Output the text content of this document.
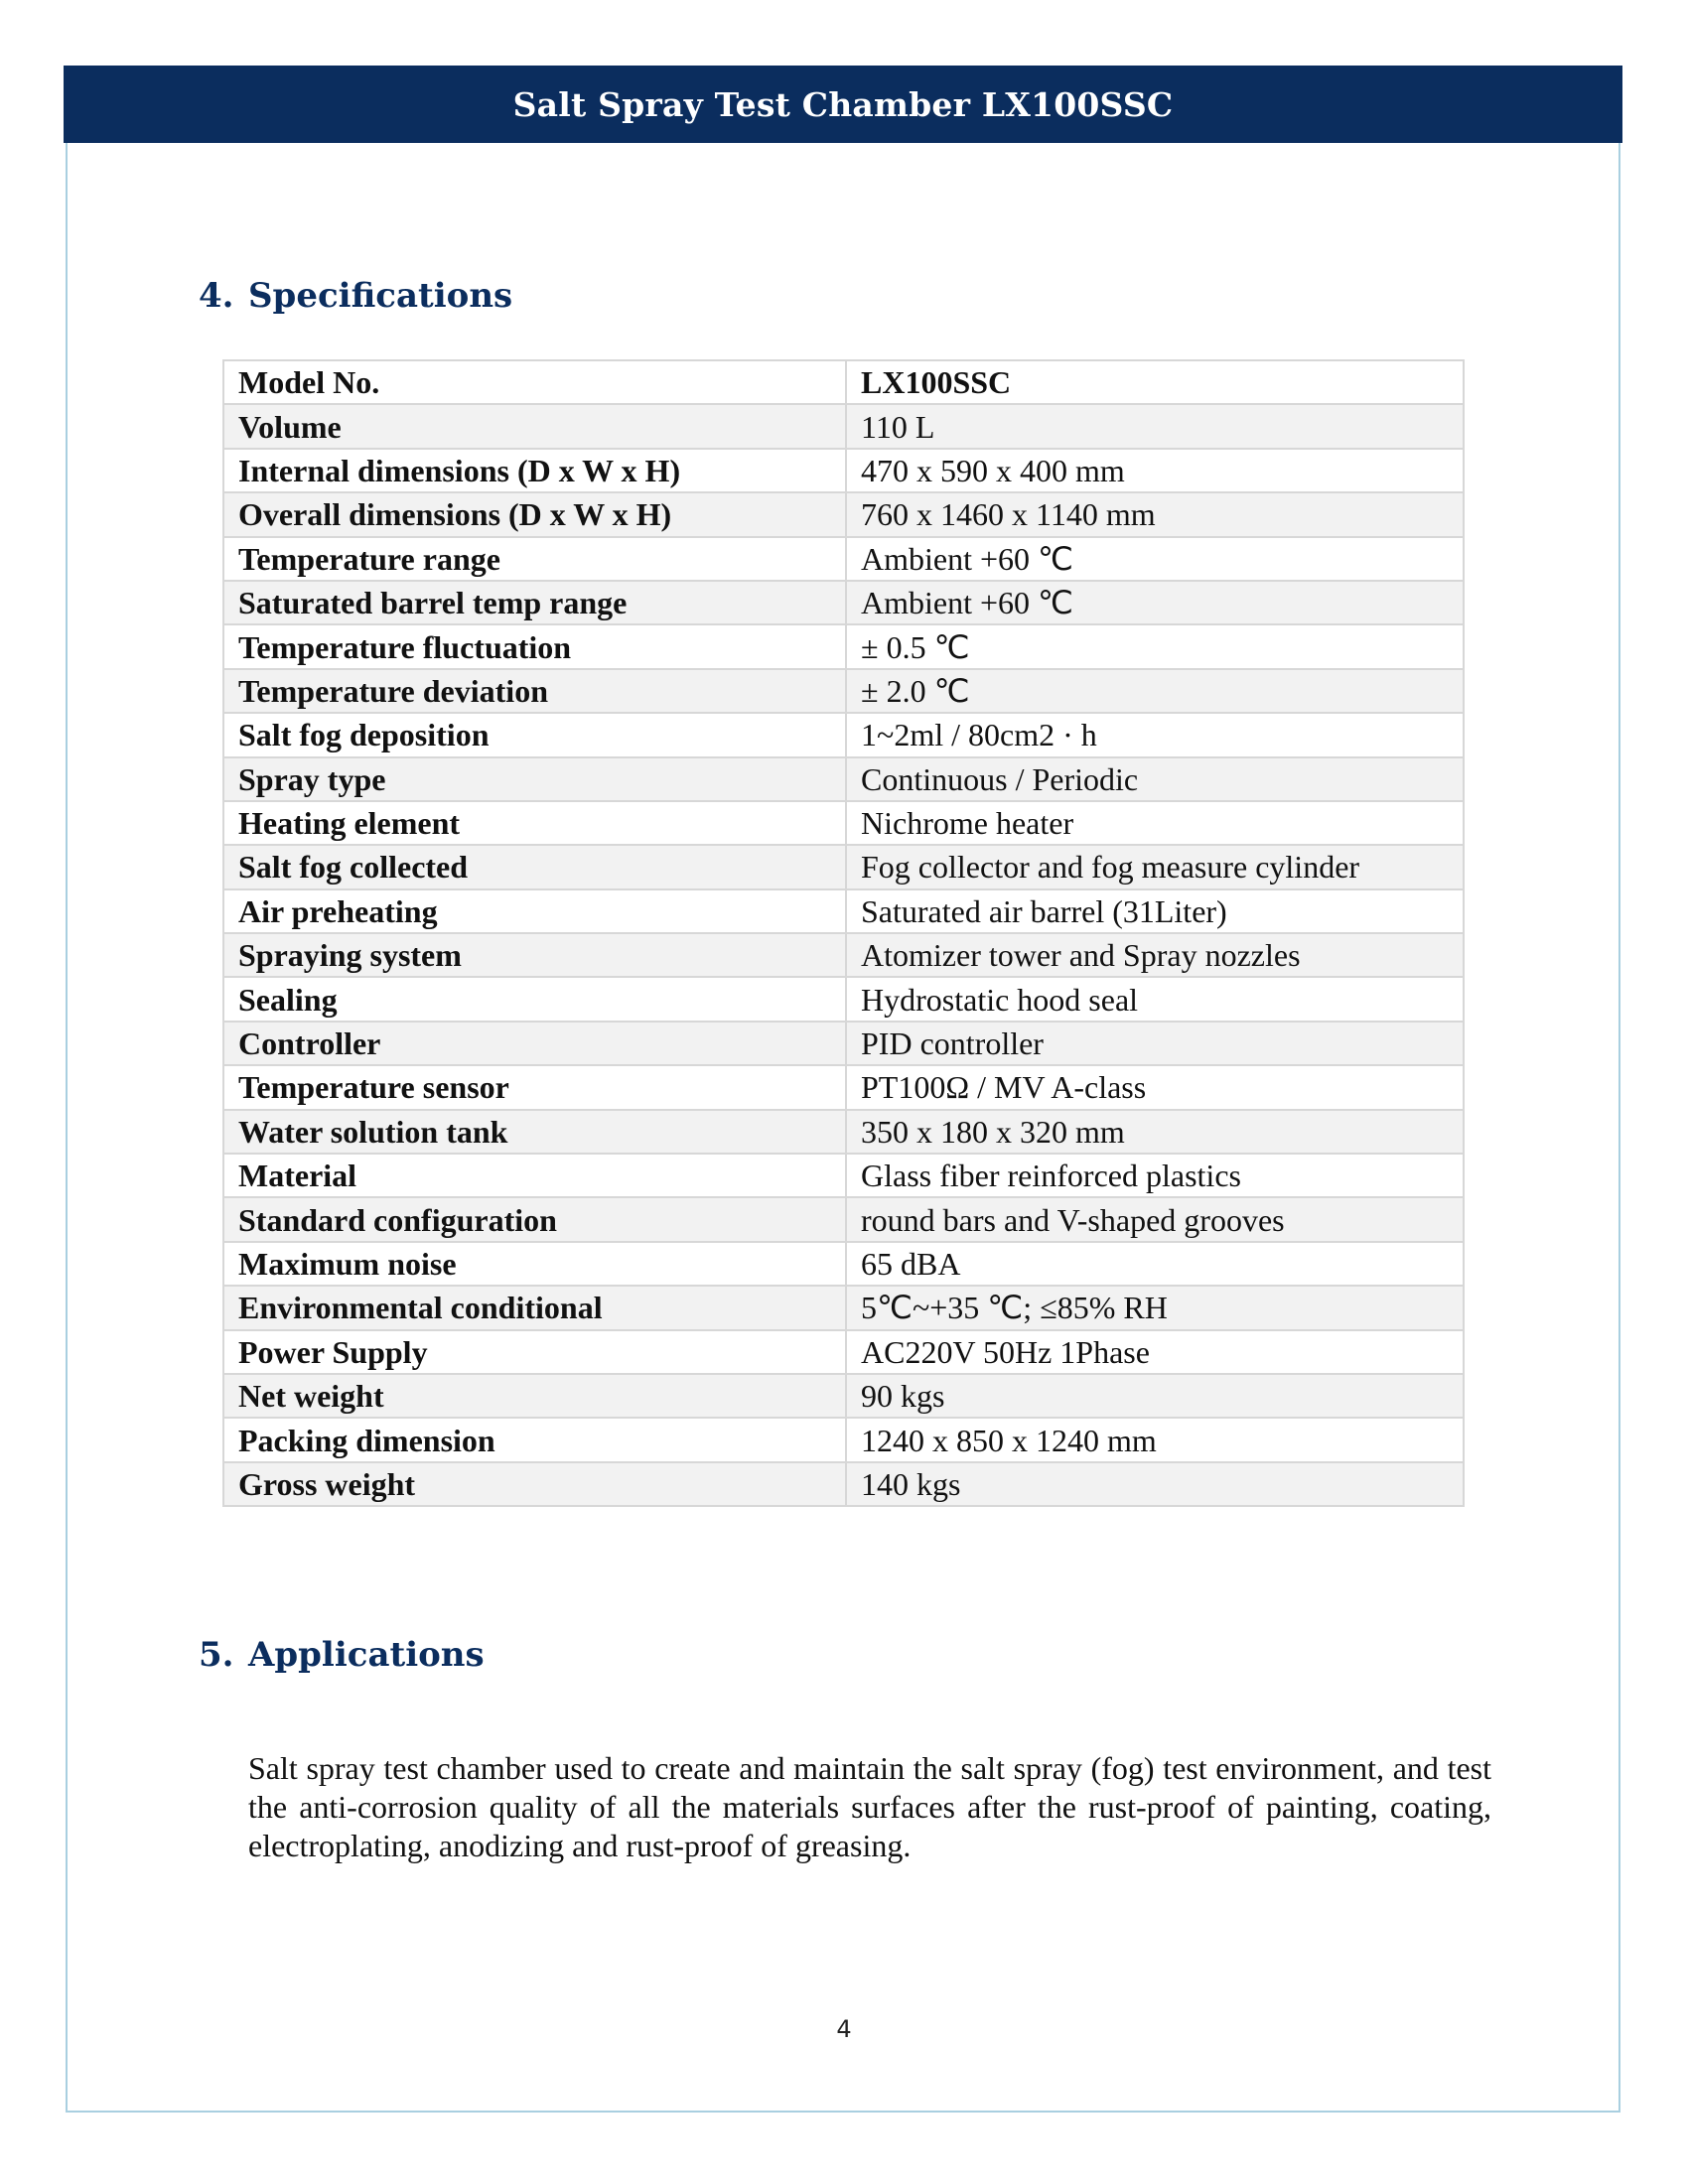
Salt Spray Test Chamber LX100SSC
4. Specifications
Model No.	LX100SSC
Volume	110 L
Internal dimensions (D x W x H)	470 x 590 x 400 mm
Overall dimensions (D x W x H)	760 x 1460 x 1140 mm
Temperature range	Ambient +60 ℃
Saturated barrel temp range	Ambient +60 ℃
Temperature fluctuation	± 0.5 ℃
Temperature deviation	± 2.0 ℃
Salt fog deposition	1~2ml / 80cm2 · h
Spray type	Continuous / Periodic
Heating element	Nichrome heater
Salt fog collected	Fog collector and fog measure cylinder
Air preheating	Saturated air barrel (31Liter)
Spraying system	Atomizer tower and Spray nozzles
Sealing	Hydrostatic hood seal
Controller	PID controller
Temperature sensor	PT100Ω / MV A-class
Water solution tank	350 x 180 x 320 mm
Material	Glass fiber reinforced plastics
Standard configuration	round bars and V-shaped grooves
Maximum noise	65 dBA
Environmental conditional	5℃~+35 ℃; ≤85% RH
Power Supply	AC220V 50Hz 1Phase
Net weight	90 kgs
Packing dimension	1240 x 850 x 1240 mm
Gross weight	140 kgs
5. Applications

Salt spray test chamber used to create and maintain the salt spray (fog) test environment, and test the anti-corrosion quality of all the materials surfaces after the rust-proof of painting, coating, electroplating, anodizing and rust-proof of greasing.

4
